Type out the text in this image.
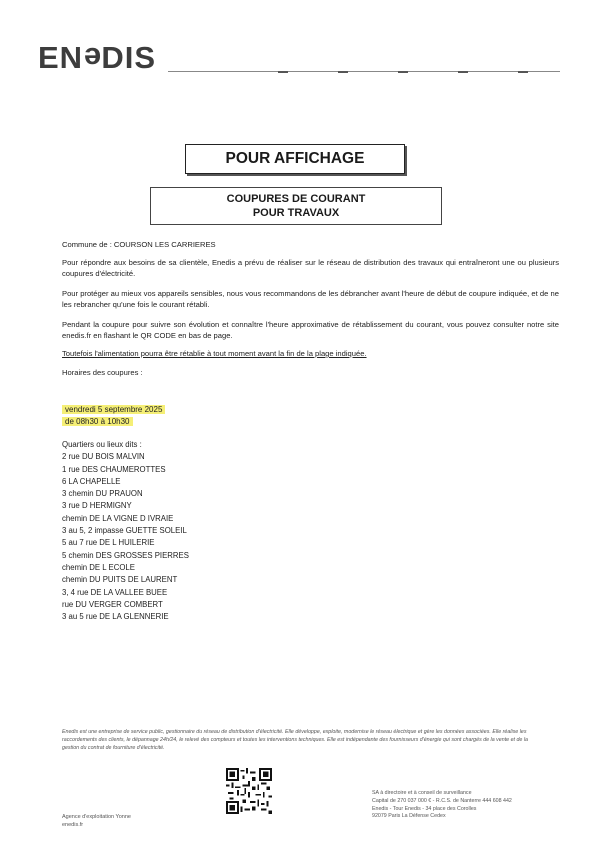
ENeDIS
POUR AFFICHAGE
COUPURES DE COURANT
POUR TRAVAUX
Commune de : COURSON LES CARRIERES

Pour répondre aux besoins de sa clientèle, Enedis a prévu de réaliser sur le réseau de distribution des travaux qui entraîneront une ou plusieurs coupures d'électricité.

Pour protéger au mieux vos appareils sensibles, nous vous recommandons de les débrancher avant l'heure de début de coupure indiquée, et de ne les rebrancher qu'une fois le courant rétabli.

Pendant la coupure pour suivre son évolution et connaître l'heure approximative de rétablissement du courant, vous pouvez consulter notre site enedis.fr en flashant le QR CODE en bas de page.

Toutefois l'alimentation pourra être rétablie à tout moment avant la fin de la plage indiquée.
Horaires des coupures :
vendredi 5 septembre 2025
de 08h30 à 10h30
Quartiers ou lieux dits :
2 rue DU BOIS MALVIN
1 rue DES CHAUMEROTTES
6 LA CHAPELLE
3 chemin DU PRAUON
3 rue D HERMIGNY
chemin DE LA VIGNE D IVRAIE
3 au 5, 2 impasse GUETTE SOLEIL
5 au 7 rue DE L HUILERIE
5 chemin DES GROSSES PIERRES
chemin DE L ECOLE
chemin DU PUITS DE LAURENT
3, 4 rue DE LA VALLEE BUEE
rue DU VERGER COMBERT
3 au 5 rue DE LA GLENNERIE
Enedis est une entreprise de service public, gestionnaire du réseau de distribution d'électricité. Elle développe, exploite, modernise le réseau électrique et gère les données associées. Elle réalise les raccordements des clients, le dépannage 24h/24, le relevé des compteurs et toutes les interventions techniques. Elle est indépendante des fournisseurs d'énergie qui sont chargés de la vente et de la gestion du contrat de fourniture d'électricité.
Agence d'exploitation Yonne
enedis.fr
SA à directoire et à conseil de surveillance
Capital de 270 037 000 € - R.C.S. de Nanterre 444 608 442
Enedis - Tour Enedis - 34 place des Corolles
92079 Paris La Défense Cedex
